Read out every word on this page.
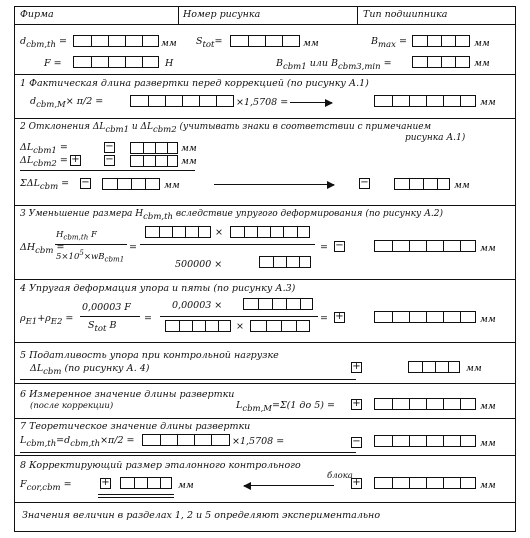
Фирма	Номер рисунка	Тип подшипника
$d_{cbm,th}$ =	мм $S_{tot}=$	мм	$B_{max}$ =	мм
F =	Н	$B_{cbm1}$ или $B_{cbm3,min}$ =	мм
1 Фактическая длина развертки перед коррекцией (по рисунку А.1)
$d_{cbm,M}\times \pi/2$ =	×1,5708 =	мм
2 Отклонения $\Delta L_{cbm1}$ и $\Delta L_{cbm2}$ (учитывать знаки в соответствии с примечанием
рисунка А.1)
$\Delta L_{cbm1}$ =	−	мм
$\Delta L_{cbm2}$ = +	−	мм
$\Sigma\Delta L_{cbm}$ = −	мм	−	мм
3 Уменьшение размера $H_{cbm,th}$ вследствие упругого деформирования (по рисунку А.2)
$\Delta H_{cbm}$ =
$H_{cbm,th}$ F
$5\times 10^5\times wB_{cbm1}$
=
×
500000 ×
= −	мм
4 Упругая деформация упора и пяты (по рисунку А.3)
$\rho_{E1}+\rho_{E2}$ =
0,00003 F
$S_{tot}$ B
=
0,00003 ×
×
= +	мм
5 Податливость упора при контрольной нагрузке
$\Delta L_{cbm}$ (по рисунку А. 4)	+	мм
6 Измеренное значение длины развертки
(после коррекции)	$L_{cbm,M}=\Sigma(1$ до 5) = +	мм
7 Теоретическое значение длины развертки
$L_{cbm,th}=d_{cbm,th}\times\pi/2$ =	×1,5708 =	−	мм
8 Корректирующий размер эталонного контрольного
блока
$F_{cor,cbm}$ =	+	мм	+	мм
Значения величин в разделах 1, 2 и 5 определяют экспериментально
